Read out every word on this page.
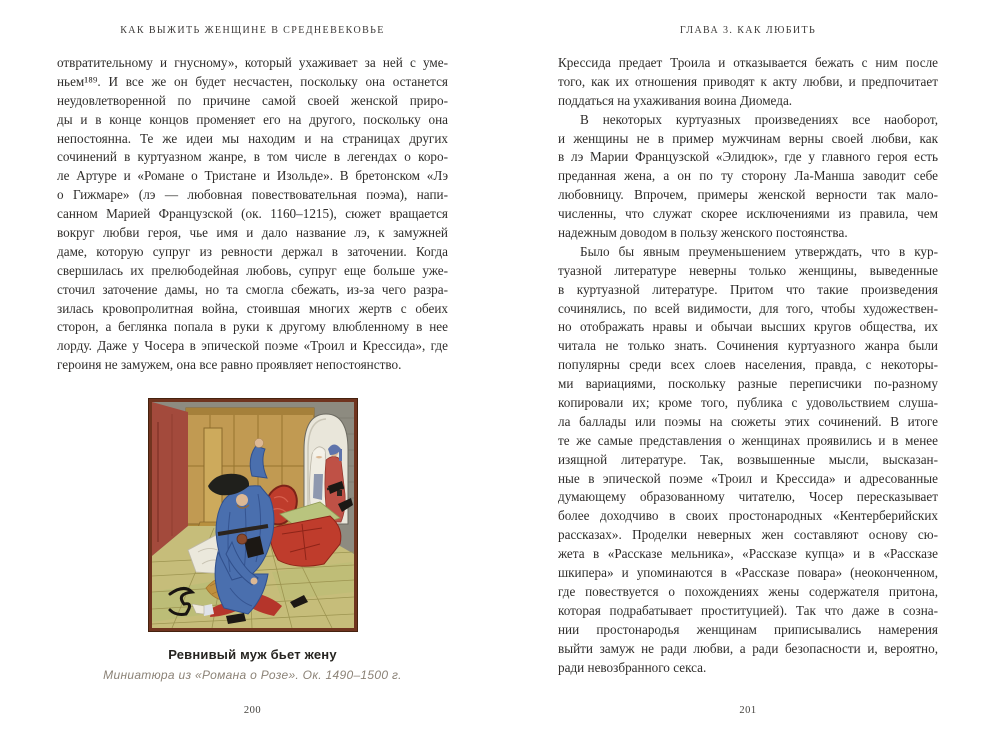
КАК ВЫЖИТЬ ЖЕНЩИНЕ В СРЕДНЕВЕКОВЬЕ
отвратительному и гнусному», который ухаживает за ней с уме-
ньем¹⁸⁹. И все же он будет несчастен, поскольку она останется
неудовлетворенной по причине самой своей женской приро-
ды и в конце концов променяет его на другого, поскольку она
непостоянна. Те же идеи мы находим и на страницах других
сочинений в куртуазном жанре, в том числе в легендах о коро-
ле Артуре и «Романе о Тристане и Изольде». В бретонском «Лэ
о Гижмаре» (лэ — любовная повествовательная поэма), напи-
санном Марией Французской (ок. 1160–1215), сюжет вращается
вокруг любви героя, чье имя и дало название лэ, к замужней
даме, которую супруг из ревности держал в заточении. Когда
свершилась их прелюбодейная любовь, супруг еще больше уже-
сточил заточение дамы, но та смогла сбежать, из-за чего разра-
зилась кровопролитная война, стоившая многих жертв с обеих
сторон, а беглянка попала в руки к другому влюбленному в нее
лорду. Даже у Чосера в эпической поэме «Троил и Крессида», где
героиня не замужем, она все равно проявляет непостоянство.
Ревнивый муж бьет жену
Миниатюра из «Романа о Розе». Ок. 1490–1500 г.
200
ГЛАВА 3. КАК ЛЮБИТЬ
Крессида предает Троила и отказывается бежать с ним после
того, как их отношения приводят к акту любви, и предпочитает
поддаться на ухаживания воина Диомеда.
В некоторых куртуазных произведениях все наоборот,
и женщины не в пример мужчинам верны своей любви, как
в лэ Марии Французской «Элидюк», где у главного героя есть
преданная жена, а он по ту сторону Ла-Манша заводит себе
любовницу. Впрочем, примеры женской верности так мало-
численны, что служат скорее исключениями из правила, чем
надежным доводом в пользу женского постоянства.
Было бы явным преуменьшением утверждать, что в кур-
туазной литературе неверны только женщины, выведенные
в куртуазной литературе. Притом что такие произведения
сочинялись, по всей видимости, для того, чтобы художествен-
но отображать нравы и обычаи высших кругов общества, их
читала не только знать. Сочинения куртуазного жанра были
популярны среди всех слоев населения, правда, с некоторы-
ми вариациями, поскольку разные переписчики по-разному
копировали их; кроме того, публика с удовольствием слуша-
ла баллады или поэмы на сюжеты этих сочинений. В итоге
те же самые представления о женщинах проявились и в менее
изящной литературе. Так, возвышенные мысли, высказан-
ные в эпической поэме «Троил и Крессида» и адресованные
думающему образованному читателю, Чосер пересказывает
более доходчиво в своих простонародных «Кентерберийских
рассказах». Проделки неверных жен составляют основу сю-
жета в «Рассказе мельника», «Рассказе купца» и в «Рассказе
шкипера» и упоминаются в «Рассказе повара» (неоконченном,
где повествуется о похождениях жены содержателя притона,
которая подрабатывает проституцией). Так что даже в созна-
нии простонародья женщинам приписывались намерения
выйти замуж не ради любви, а ради безопасности и, вероятно,
ради невозбранного секса.
201
